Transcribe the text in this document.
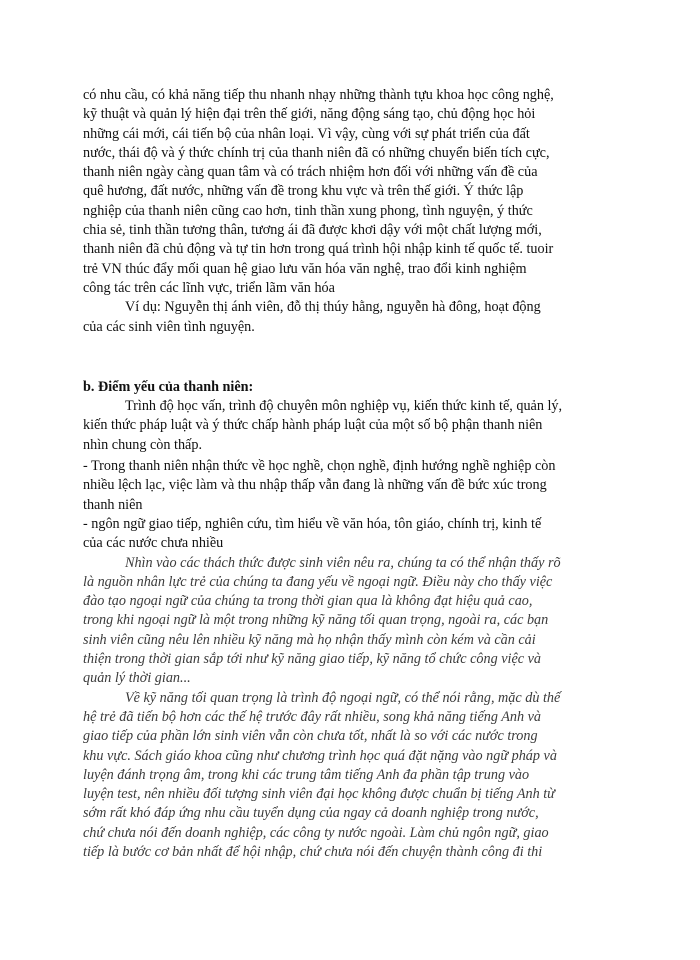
có nhu cầu, có khả năng tiếp thu nhanh nhạy những thành tựu khoa học công nghệ,
kỹ thuật và quản lý hiện đại trên thế giới, năng động sáng tạo, chủ động học hỏi
những cái mới, cái tiến bộ của nhân loại. Vì vậy, cùng với sự phát triển của đất
nước, thái độ và ý thức chính trị của thanh niên đã có những chuyển biến tích cực,
thanh niên ngày càng quan tâm và có trách nhiệm hơn đối với những vấn đề của
quê hương, đất nước, những vấn đề trong khu vực và trên thế giới. Ý thức lập
nghiệp của thanh niên cũng cao hơn, tinh thần xung phong, tình nguyện, ý thức
chia sẻ, tinh thần tương thân, tương ái đã được khơi dậy với một chất lượng mới,
thanh niên đã chủ động và tự tin hơn trong quá trình hội nhập kinh tế quốc tế. tuoir
trẻ VN thúc đẩy mối quan hệ giao lưu văn hóa văn nghệ, trao đổi kinh nghiệm
công tác trên các lĩnh vực, triển lãm văn hóa
Ví dụ: Nguyễn thị ánh viên, đỗ thị thúy hằng, nguyễn hà đông, hoạt động
của các sinh viên tình nguyện.
b. Điểm yếu của thanh niên:
Trình độ học vấn, trình độ chuyên môn nghiệp vụ, kiến thức kinh tế, quản lý,
kiến thức pháp luật và ý thức chấp hành pháp luật của một số bộ phận thanh niên
nhìn chung còn thấp.
- Trong thanh niên nhận thức về học nghề, chọn nghề, định hướng nghề nghiệp còn
nhiều lệch lạc, việc làm và thu nhập thấp vẫn đang là những vấn đề bức xúc trong
thanh niên
- ngôn ngữ giao tiếp, nghiên cứu, tìm hiểu về văn hóa, tôn giáo, chính trị, kinh tế
của các nước chưa nhiều
Nhìn vào các thách thức được sinh viên nêu ra, chúng ta có thể nhận thấy rõ
là nguồn nhân lực trẻ của chúng ta đang yếu về ngoại ngữ. Điều này cho thấy việc
đào tạo ngoại ngữ của chúng ta trong thời gian qua là không đạt hiệu quả cao,
trong khi ngoại ngữ là một trong những kỹ năng tối quan trọng, ngoài ra, các bạn
sinh viên cũng nêu lên nhiều kỹ năng mà họ nhận thấy mình còn kém và cần cải
thiện trong thời gian sắp tới như kỹ năng giao tiếp, kỹ năng tổ chức công việc và
quản lý thời gian...
Về kỹ năng tối quan trọng là trình độ ngoại ngữ, có thể nói rằng, mặc dù thế
hệ trẻ đã tiến bộ hơn các thế hệ trước đây rất nhiều, song khả năng tiếng Anh và
giao tiếp của phần lớn sinh viên vẫn còn chưa tốt, nhất là so với các nước trong
khu vực. Sách giáo khoa cũng như chương trình học quá đặt nặng vào ngữ pháp và
luyện đánh trọng âm, trong khi các trung tâm tiếng Anh đa phần tập trung vào
luyện test, nên nhiều đối tượng sinh viên đại học không được chuẩn bị tiếng Anh từ
sớm rất khó đáp ứng nhu cầu tuyển dụng của ngay cả doanh nghiệp trong nước,
chứ chưa nói đến doanh nghiệp, các công ty nước ngoài. Làm chủ ngôn ngữ, giao
tiếp là bước cơ bản nhất để hội nhập, chứ chưa nói đến chuyện thành công đi thi
